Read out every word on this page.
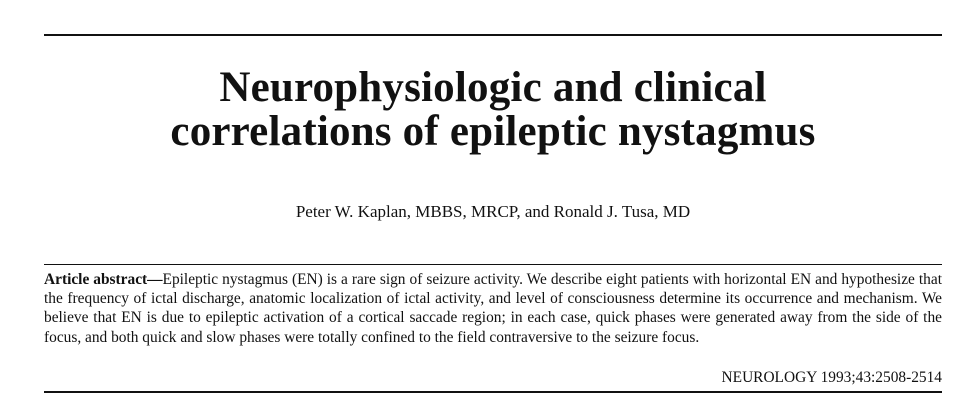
Neurophysiologic and clinical
correlations of epileptic nystagmus
Peter W. Kaplan, MBBS, MRCP, and Ronald J. Tusa, MD

Article abstract—Epileptic nystagmus (EN) is a rare sign of seizure activity. We describe eight patients with horizontal EN and hypothesize that the frequency of ictal discharge, anatomic localization of ictal activity, and level of consciousness determine its occurrence and mechanism. We believe that EN is due to epileptic activation of a cortical saccade region; in each case, quick phases were generated away from the side of the focus, and both quick and slow phases were totally confined to the field contraversive to the seizure focus.

NEUROLOGY 1993;43:2508-2514
